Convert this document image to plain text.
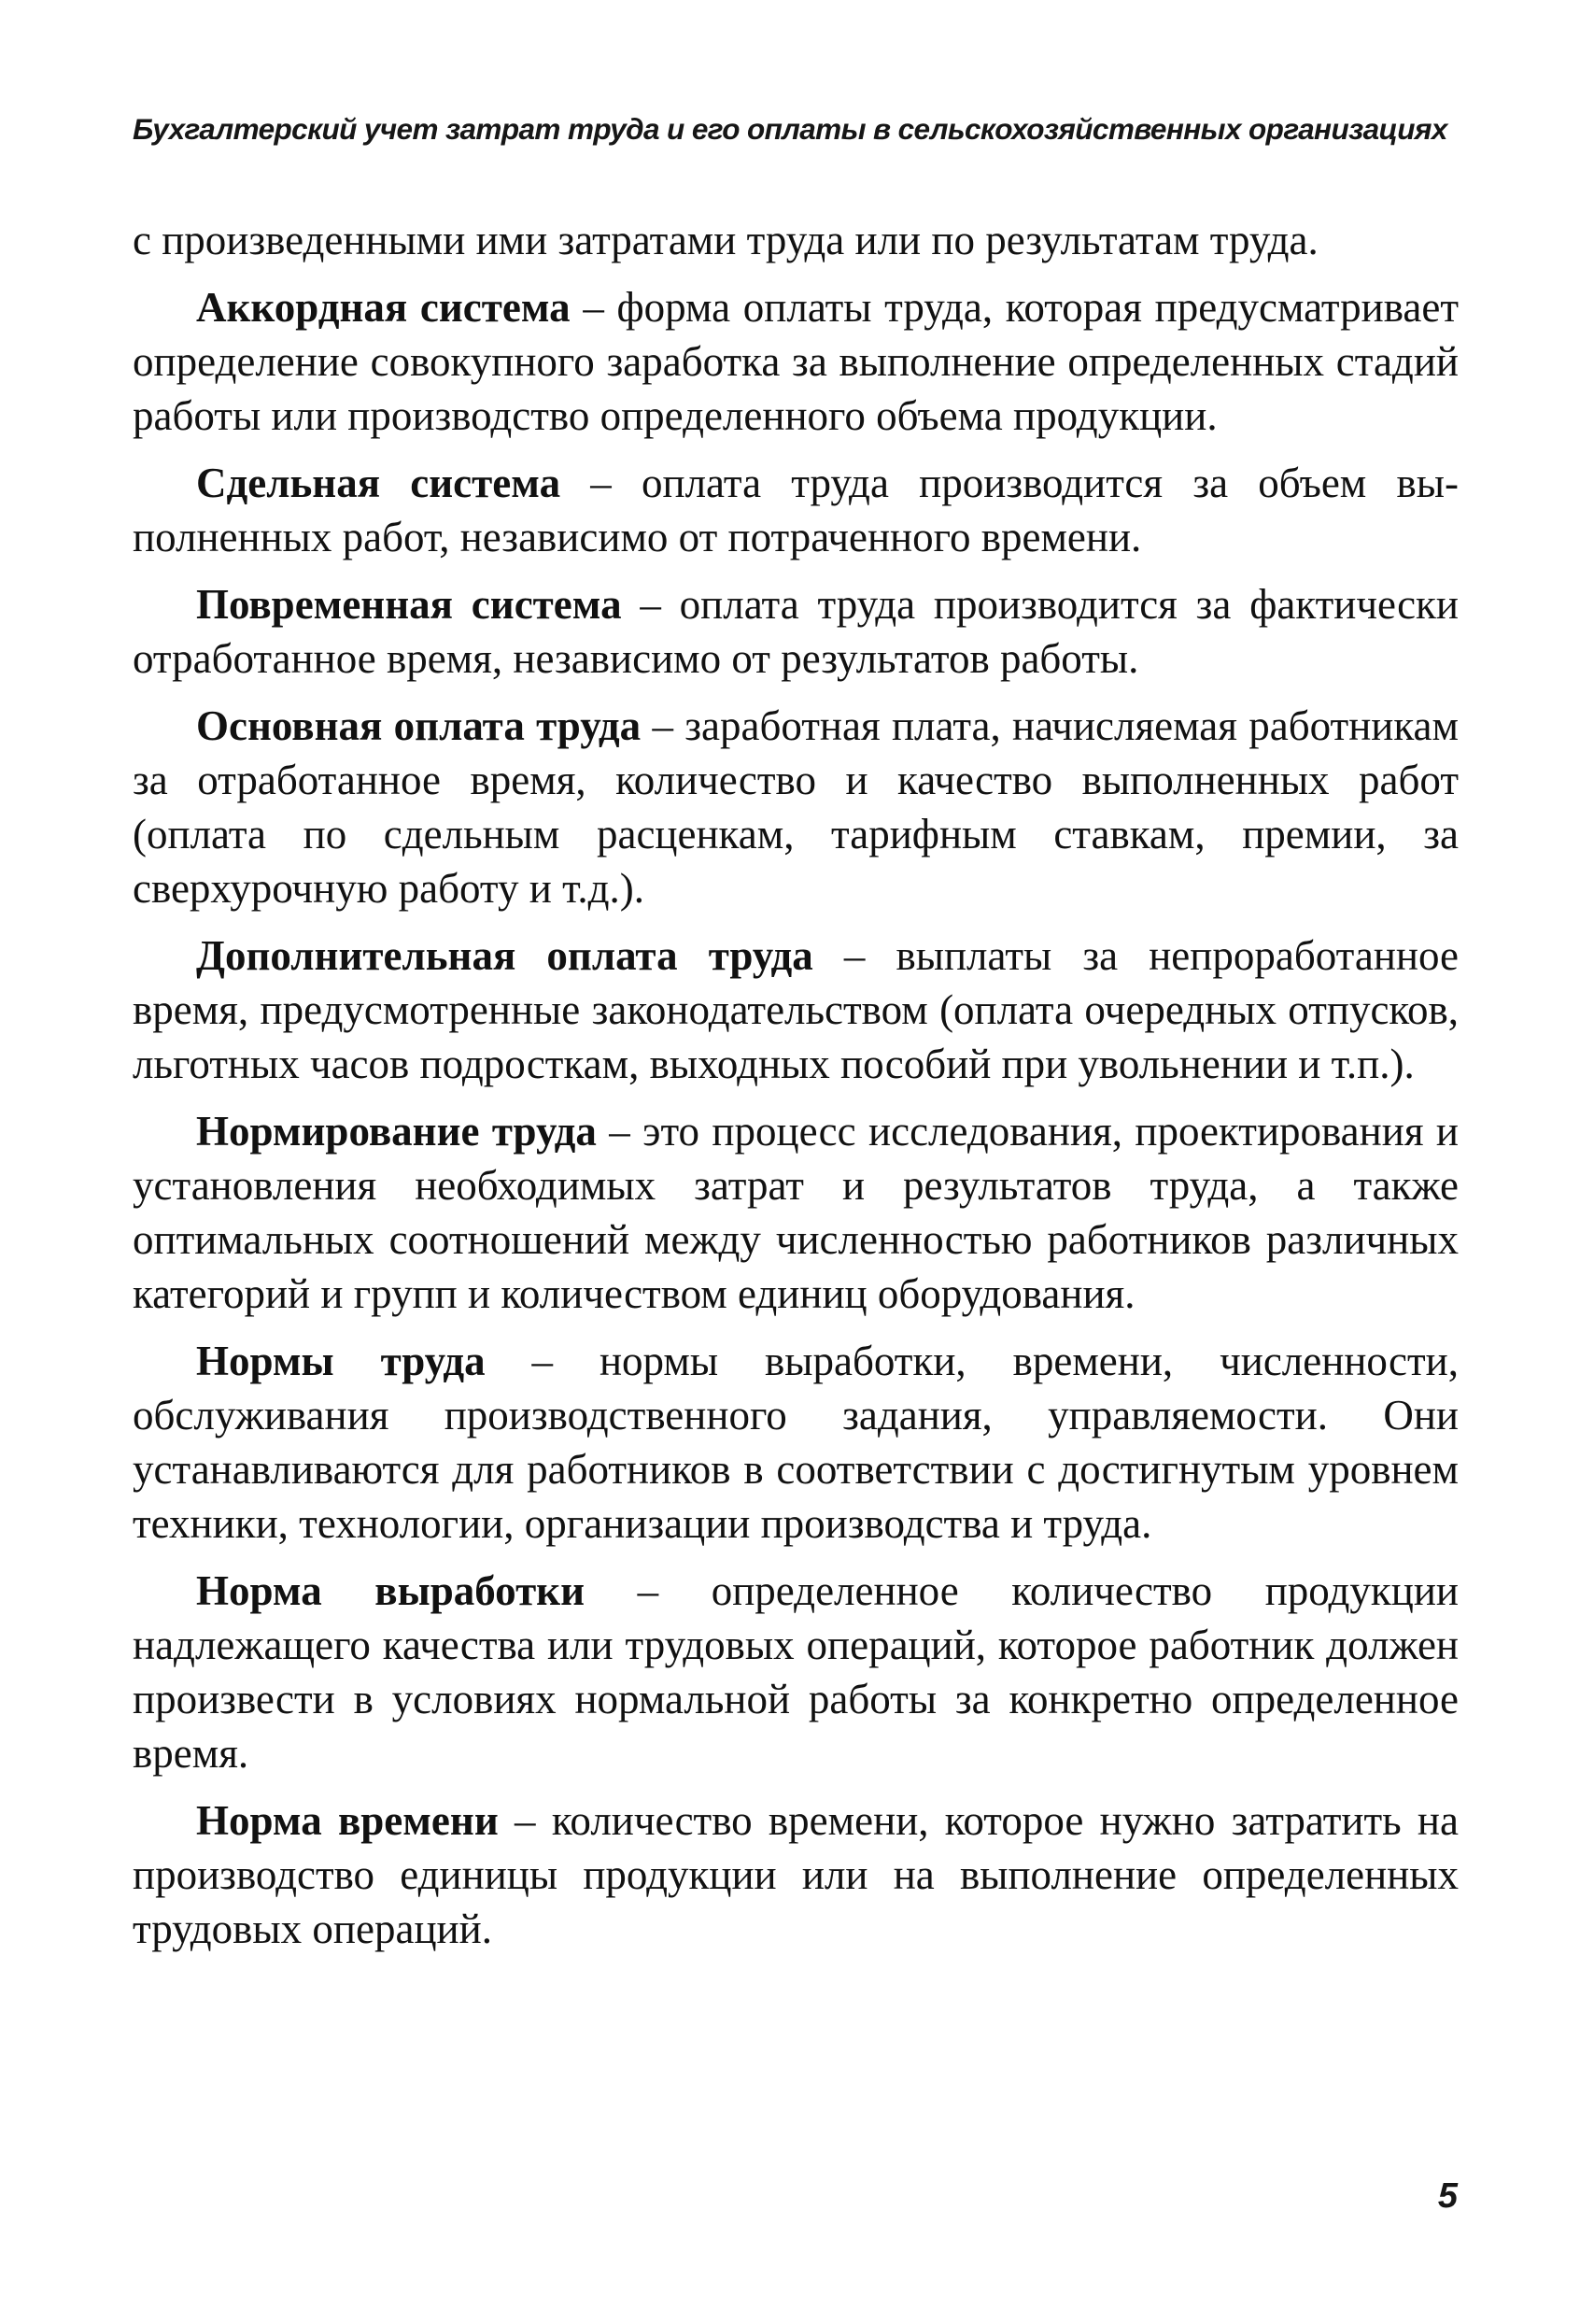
Бухгалтерский учет затрат труда и его оплаты в сельскохозяйственных организациях

с произведенными ими затратами труда или по результатам труда.

Аккордная система – форма оплаты труда, которая предусматривает определение совокупного заработка за выполнение определенных стадий работы или производство определенного объема продукции.

Сдельная система – оплата труда производится за объем выполненных работ, независимо от потраченного времени.

Повременная система – оплата труда производится за фактически отработанное время, независимо от результатов работы.

Основная оплата труда – заработная плата, начисляемая работникам за отработанное время, количество и качество выполненных работ (оплата по сдельным расценкам, тарифным ставкам, премии, за сверхурочную работу и т.д.).

Дополнительная оплата труда – выплаты за непроработанное время, предусмотренные законодательством (оплата очередных отпусков, льготных часов подросткам, выходных пособий при увольнении и т.п.).

Нормирование труда – это процесс исследования, проектирования и установления необходимых затрат и результатов труда, а также оптимальных соотношений между численностью работников различных категорий и групп и количеством единиц оборудования.

Нормы труда – нормы выработки, времени, численности, обслуживания производственного задания, управляемости. Они устанавливаются для работников в соответствии с достигнутым уровнем техники, технологии, организации производства и труда.

Норма выработки – определенное количество продукции надлежащего качества или трудовых операций, которое работник должен произвести в условиях нормальной работы за конкретно определенное время.

Норма времени – количество времени, которое нужно затратить на производство единицы продукции или на выполнение определенных трудовых операций.

5
